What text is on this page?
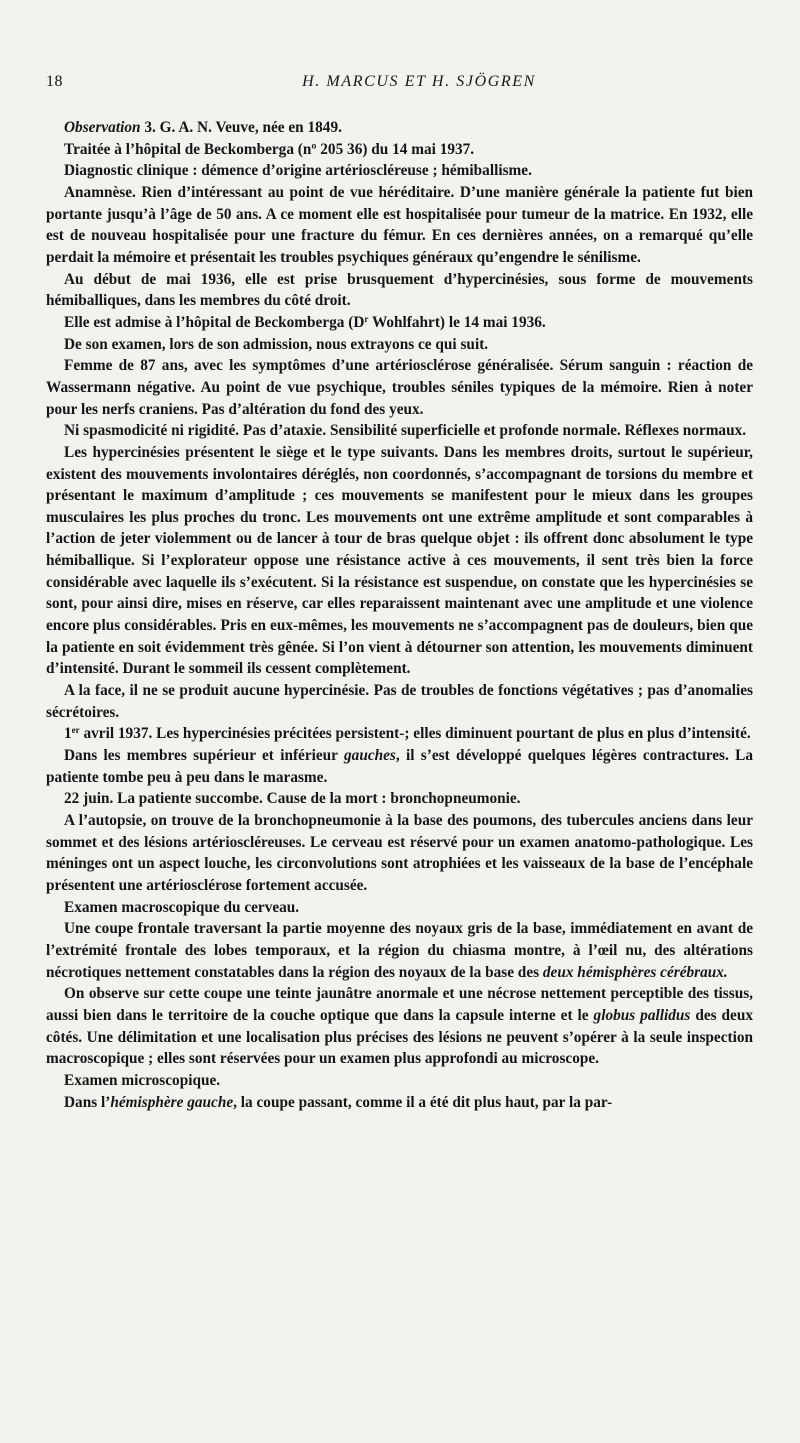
18	H. MARCUS ET H. SJÖGREN

Observation 3. G. A. N. Veuve, née en 1849.

Traitée à l’hôpital de Beckomberga (nº 205 36) du 14 mai 1937.

Diagnostic clinique : démence d’origine artérioscléreuse ; hémiballisme.

Anamnèse. Rien d’intéressant au point de vue héréditaire. D’une manière générale la patiente fut bien portante jusqu’à l’âge de 50 ans. A ce moment elle est hospitalisée pour tumeur de la matrice. En 1932, elle est de nouveau hospitalisée pour une fracture du fémur. En ces dernières années, on a remarqué qu’elle perdait la mémoire et présentait les troubles psychiques généraux qu’engendre le sénilisme.

Au début de mai 1936, elle est prise brusquement d’hypercinésies, sous forme de mouvements hémiballiques, dans les membres du côté droit.

Elle est admise à l’hôpital de Beckomberga ($D^r$ Wohlfahrt) le 14 mai 1936.

De son examen, lors de son admission, nous extrayons ce qui suit.

Femme de 87 ans, avec les symptômes d’une artériosclérose généralisée. Sérum sanguin : réaction de Wassermann négative. Au point de vue psychique, troubles séniles typiques de la mémoire. Rien à noter pour les nerfs craniens. Pas d’altération du fond des yeux.

Ni spasmodicité ni rigidité. Pas d’ataxie. Sensibilité superficielle et profonde normale. Réflexes normaux.

Les hypercinésies présentent le siège et le type suivants. Dans les membres droits, surtout le supérieur, existent des mouvements involontaires déréglés, non coordonnés, s’accompagnant de torsions du membre et présentant le maximum d’amplitude ; ces mouvements se manifestent pour le mieux dans les groupes musculaires les plus proches du tronc. Les mouvements ont une extrême amplitude et sont comparables à l’action de jeter violemment ou de lancer à tour de bras quelque objet : ils offrent donc absolument le type hémiballique. Si l’explorateur oppose une résistance active à ces mouvements, il sent très bien la force considérable avec laquelle ils s’exécutent. Si la résistance est suspendue, on constate que les hypercinésies se sont, pour ainsi dire, mises en réserve, car elles reparaissent maintenant avec une amplitude et une violence encore plus considérables. Pris en eux-mêmes, les mouvements ne s’accompagnent pas de douleurs, bien que la patiente en soit évidemment très gênée. Si l’on vient à détourner son attention, les mouvements diminuent d’intensité. Durant le sommeil ils cessent complètement.

A la face, il ne se produit aucune hypercinésie. Pas de troubles de fonctions végétatives ; pas d’anomalies sécrétoires.

1er avril 1937. Les hypercinésies précitées persistent-; elles diminuent pourtant de plus en plus d’intensité.

Dans les membres supérieur et inférieur gauches, il s’est développé quelques légères contractures. La patiente tombe peu à peu dans le marasme.

22 juin. La patiente succombe. Cause de la mort : bronchopneumonie.

A l’autopsie, on trouve de la bronchopneumonie à la base des poumons, des tubercules anciens dans leur sommet et des lésions artérioscléreuses. Le cerveau est réservé pour un examen anatomo-pathologique. Les méninges ont un aspect louche, les circonvolutions sont atrophiées et les vaisseaux de la base de l’encéphale présentent une artériosclérose fortement accusée.

Examen macroscopique du cerveau.

Une coupe frontale traversant la partie moyenne des noyaux gris de la base, immédiatement en avant de l’extrémité frontale des lobes temporaux, et la région du chiasma montre, à l’œil nu, des altérations nécrotiques nettement constatables dans la région des noyaux de la base des deux hémisphères cérébraux.

On observe sur cette coupe une teinte jaunâtre anormale et une nécrose nettement perceptible des tissus, aussi bien dans le territoire de la couche optique que dans la capsule interne et le globus pallidus des deux côtés. Une délimitation et une localisation plus précises des lésions ne peuvent s’opérer à la seule inspection macroscopique ; elles sont réservées pour un examen plus approfondi au microscope.

Examen microscopique.

Dans l’hémisphère gauche, la coupe passant, comme il a été dit plus haut, par la par-
